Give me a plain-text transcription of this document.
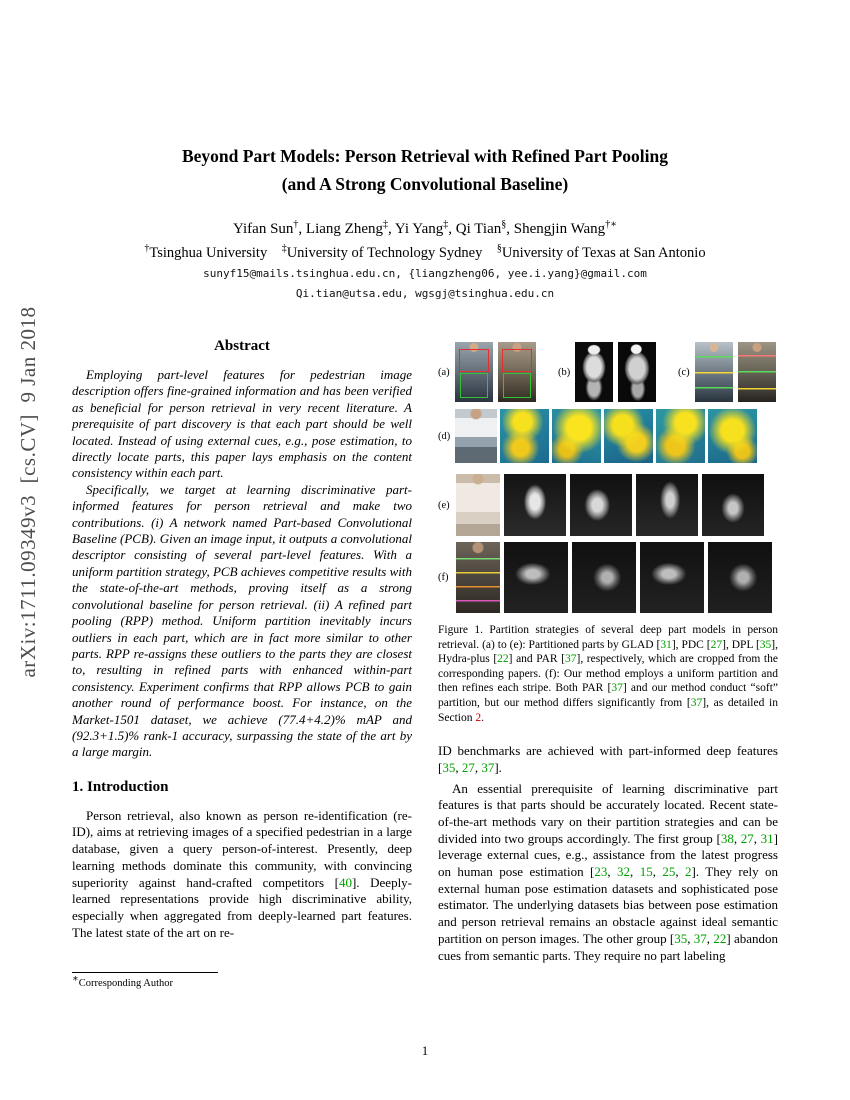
arXiv:1711.09349v3  [cs.CV]  9 Jan 2018
Beyond Part Models: Person Retrieval with Refined Part Pooling
(and A Strong Convolutional Baseline)
Yifan Sun†, Liang Zheng‡, Yi Yang‡, Qi Tian§, Shengjin Wang†∗
†Tsinghua University ‡University of Technology Sydney §University of Texas at San Antonio
sunyf15@mails.tsinghua.edu.cn, {liangzheng06, yee.i.yang}@gmail.com
Qi.tian@utsa.edu, wgsgj@tsinghua.edu.cn
Abstract

Employing part-level features for pedestrian image description offers fine-grained information and has been verified as beneficial for person retrieval in very recent literature. A prerequisite of part discovery is that each part should be well located. Instead of using external cues, e.g., pose estimation, to directly locate parts, this paper lays emphasis on the content consistency within each part.

Specifically, we target at learning discriminative part-informed features for person retrieval and make two contributions. (i) A network named Part-based Convolutional Baseline (PCB). Given an image input, it outputs a convolutional descriptor consisting of several part-level features. With a uniform partition strategy, PCB achieves competitive results with the state-of-the-art methods, proving itself as a strong convolutional baseline for person retrieval. (ii) A refined part pooling (RPP) method. Uniform partition inevitably incurs outliers in each part, which are in fact more similar to other parts. RPP re-assigns these outliers to the parts they are closest to, resulting in refined parts with enhanced within-part consistency. Experiment confirms that RPP allows PCB to gain another round of performance boost. For instance, on the Market-1501 dataset, we achieve (77.4+4.2)% mAP and (92.3+1.5)% rank-1 accuracy, surpassing the state of the art by a large margin.

1. Introduction

Person retrieval, also known as person re-identification (re-ID), aims at retrieving images of a specified pedestrian in a large database, given a query person-of-interest. Presently, deep learning methods dominate this community, with convincing superiority against hand-crafted competitors [40]. Deeply-learned representations provide high discriminative ability, especially when aggregated from deeply-learned part features. The latest state of the art on re-

(a)	(b)	(c)
(d)
(e)
(f)
Figure 1. Partition strategies of several deep part models in person retrieval. (a) to (e): Partitioned parts by GLAD [31], PDC [27], DPL [35], Hydra-plus [22] and PAR [37], respectively, which are cropped from the corresponding papers. (f): Our method employs a uniform partition and then refines each stripe. Both PAR [37] and our method conduct “soft” partition, but our method differs significantly from [37], as detailed in Section 2.

ID benchmarks are achieved with part-informed deep features [35, 27, 37].

An essential prerequisite of learning discriminative part features is that parts should be accurately located. Recent state-of-the-art methods vary on their partition strategies and can be divided into two groups accordingly. The first group [38, 27, 31] leverage external cues, e.g., assistance from the latest progress on human pose estimation [23, 32, 15, 25, 2]. They rely on external human pose estimation datasets and sophisticated pose estimator. The underlying datasets bias between pose estimation and person retrieval remains an obstacle against ideal semantic partition on person images. The other group [35, 37, 22] abandon cues from semantic parts. They require no part labeling

∗Corresponding Author
1
